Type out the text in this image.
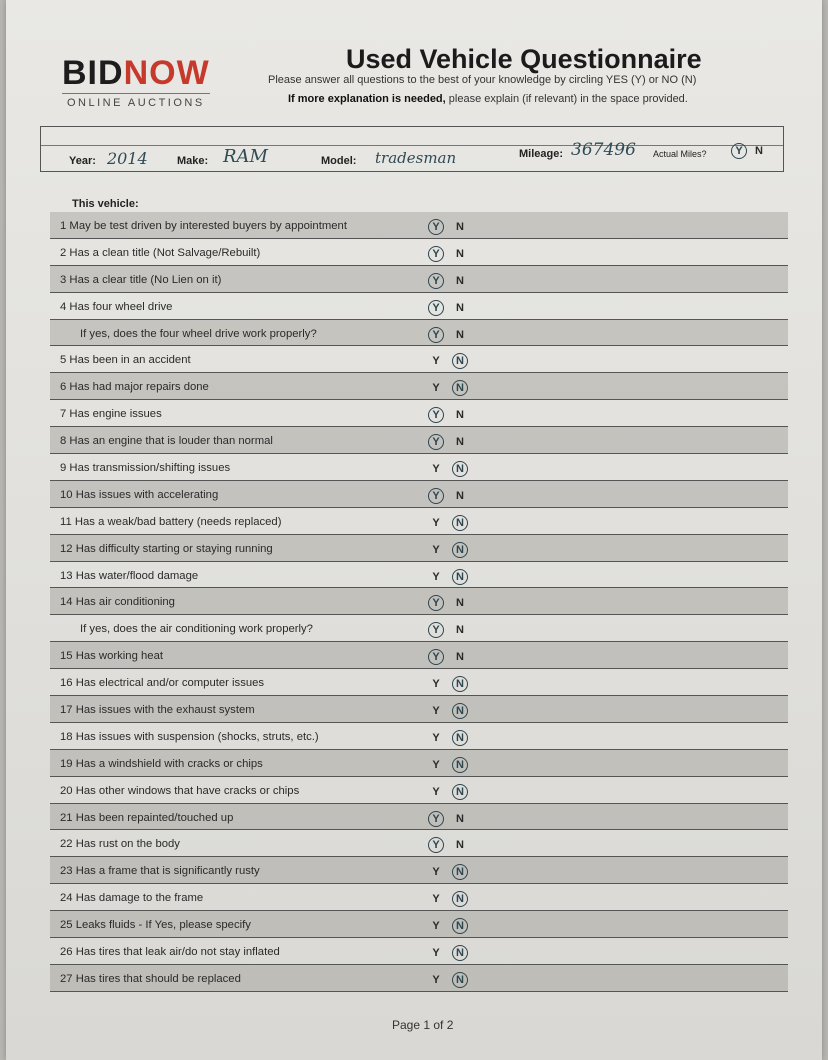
BIDNOW
ONLINE AUCTIONS
Used Vehicle Questionnaire
Please answer all questions to the best of your knowledge by circling YES (Y) or NO (N)
If more explanation is needed, please explain (if relevant) in the space provided.
Year: 2014	Make: RAM	Model: tradesman	Mileage: 367496 Actual Miles?	Y	N
This vehicle:
1 May be test driven by interested buyers by appointment	Y	N
2 Has a clean title (Not Salvage/Rebuilt)	Y	N
3 Has a clear title (No Lien on it)	Y	N
4 Has four wheel drive	Y	N
If yes, does the four wheel drive work properly?	Y	N
5 Has been in an accident	Y	N
6 Has had major repairs done	Y	N
7 Has engine issues	Y	N
8 Has an engine that is louder than normal	Y	N
9 Has transmission/shifting issues	Y	N
10 Has issues with accelerating	Y	N
11 Has a weak/bad battery (needs replaced)	Y	N
12 Has difficulty starting or staying running	Y	N
13 Has water/flood damage	Y	N
14 Has air conditioning	Y	N
If yes, does the air conditioning work properly?	Y	N
15 Has working heat	Y	N
16 Has electrical and/or computer issues	Y	N
17 Has issues with the exhaust system	Y	N
18 Has issues with suspension (shocks, struts, etc.)	Y	N
19 Has a windshield with cracks or chips	Y	N
20 Has other windows that have cracks or chips	Y	N
21 Has been repainted/touched up	Y	N
22 Has rust on the body	Y	N
23 Has a frame that is significantly rusty	Y	N
24 Has damage to the frame	Y	N
25 Leaks fluids - If Yes, please specify	Y	N
26 Has tires that leak air/do not stay inflated	Y	N
27 Has tires that should be replaced	Y	N
Page 1 of 2
